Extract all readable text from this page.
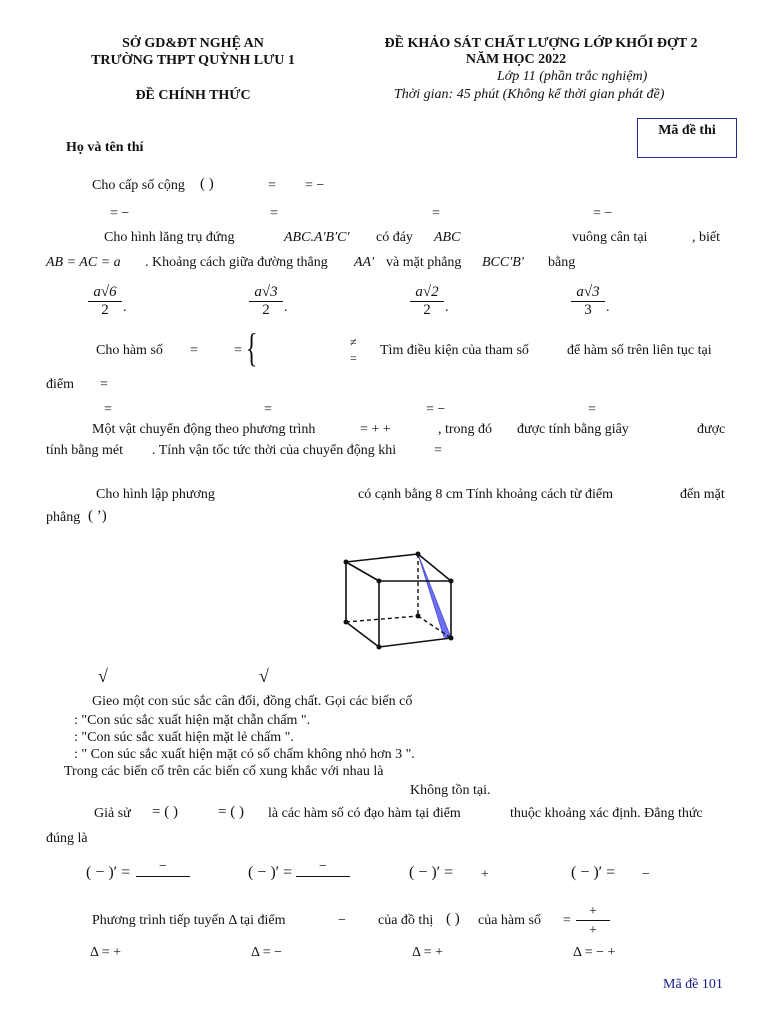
SỞ GD&ĐT NGHỆ AN
TRƯỜNG THPT QUỲNH LƯU 1
ĐỀ CHÍNH THỨC
ĐỀ KHẢO SÁT CHẤT LƯỢNG LỚP KHỐI ĐỢT 2
NĂM HỌC 2022
Lớp 11 (phần trắc nghiệm)
Thời gian: 45 phút (Không kể thời gian phát đề)
Mã đề thi
Họ và tên thí
Cho cấp số cộng ( )	= = −
= −	=	=	= −
Cho hình lăng trụ đứng	ABC.A′B′C′ có đáy ABC	vuông cân tại	, biết
AB = AC = a . Khoảng cách giữa đường thẳng AA′ và mặt phẳng BCC′B′ bằng
$\frac{a√6}{2}$ .	$\frac{a√3}{2}$ .	$\frac{a√2}{2}$ .	$\frac{a√3}{3}$ .
Cho hàm số =	= {	≠
= Tìm điều kiện của tham số	để hàm số trên liên tục tại
điểm =
=	=	= −	=
Một vật chuyển động theo phương trình	= + +	, trong đó được tính bằng giây	được
tính bằng mét . Tính vận tốc tức thời của chuyển động khi	=
Cho hình lập phương	có cạnh bằng 8 cm Tính khoảng cách từ điểm	đến mặt
phẳng ( ’)
√	√
Gieo một con súc sắc cân đối, đồng chất. Gọi các biến cố
: "Con súc sắc xuất hiện mặt chẵn chấm ".
: "Con súc sắc xuất hiện mặt lẻ chấm ".
: " Con súc sắc xuất hiện mặt có số chấm không nhỏ hơn 3 ".
Trong các biến cố trên các biến cố xung khắc với nhau là
Không tồn tại.
Giả sử = ( )	= ( ) là các hàm số có đạo hàm tại điểm	thuộc khoảng xác định. Đẳng thức
đúng là
( − )′ =	−	( − )′ =	−	( − )′ = +	( − )′ = −
Phương trình tiếp tuyến Δ tại điểm	− của đồ thị ( ) của hàm số =
+
+
Δ = +	Δ = −	Δ = +	Δ = − +
Mã đề 101
